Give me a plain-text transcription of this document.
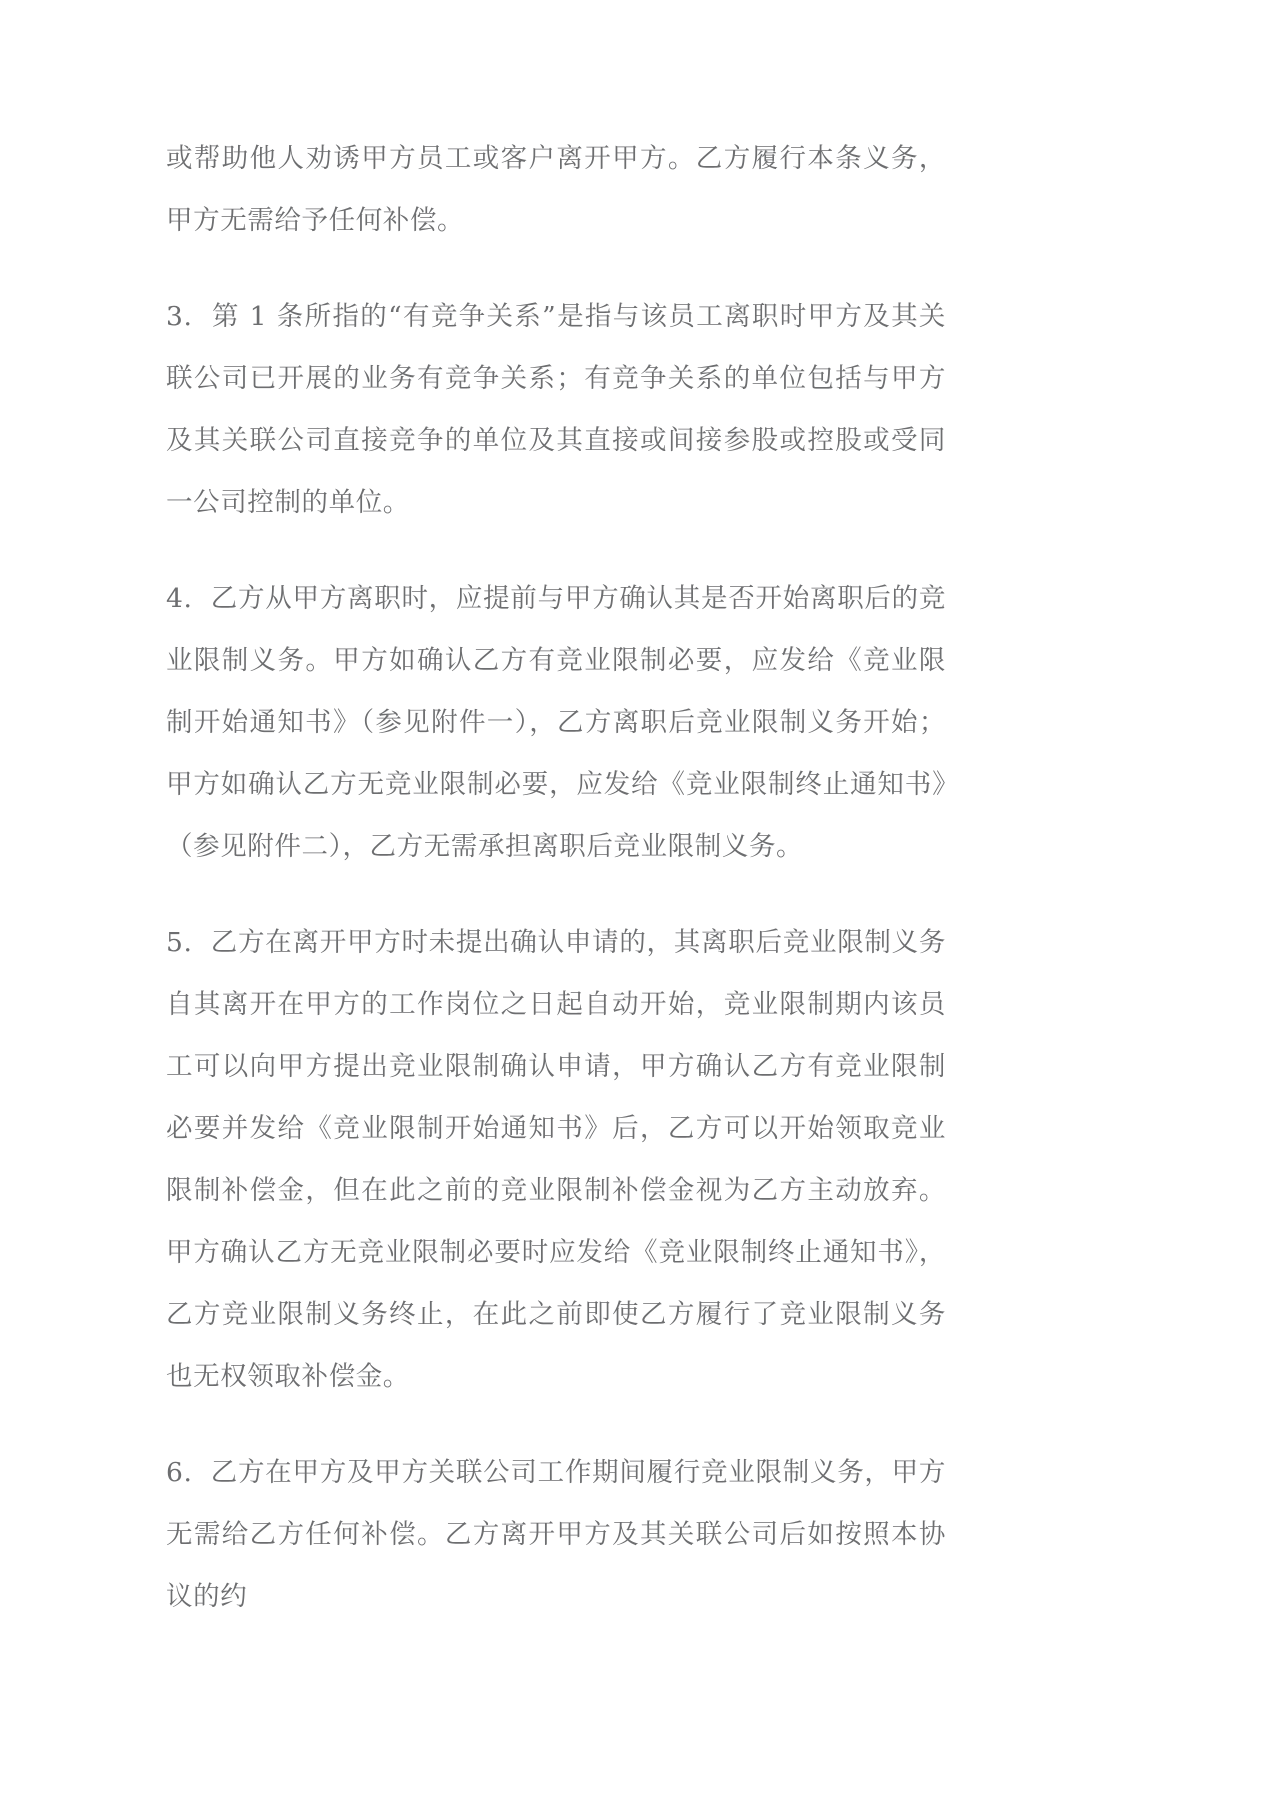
或帮助他人劝诱甲方员工或客户离开甲方。乙方履行本条义务，甲方无需给予任何补偿。

3.  第 1 条所指的“有竞争关系”是指与该员工离职时甲方及其关联公司已开展的业务有竞争关系；有竞争关系的单位包括与甲方及其关联公司直接竞争的单位及其直接或间接参股或控股或受同一公司控制的单位。

4.  乙方从甲方离职时，应提前与甲方确认其是否开始离职后的竞业限制义务。甲方如确认乙方有竞业限制必要，应发给《竞业限制开始通知书》（参见附件一），乙方离职后竞业限制义务开始；甲方如确认乙方无竞业限制必要，应发给《竞业限制终止通知书》（参见附件二），乙方无需承担离职后竞业限制义务。

5.  乙方在离开甲方时未提出确认申请的，其离职后竞业限制义务自其离开在甲方的工作岗位之日起自动开始，竞业限制期内该员工可以向甲方提出竞业限制确认申请，甲方确认乙方有竞业限制必要并发给《竞业限制开始通知书》后，乙方可以开始领取竞业限制补偿金，但在此之前的竞业限制补偿金视为乙方主动放弃。甲方确认乙方无竞业限制必要时应发给《竞业限制终止通知书》，乙方竞业限制义务终止，在此之前即使乙方履行了竞业限制义务也无权领取补偿金。

6.  乙方在甲方及甲方关联公司工作期间履行竞业限制义务，甲方无需给乙方任何补偿。乙方离开甲方及其关联公司后如按照本协议的约
